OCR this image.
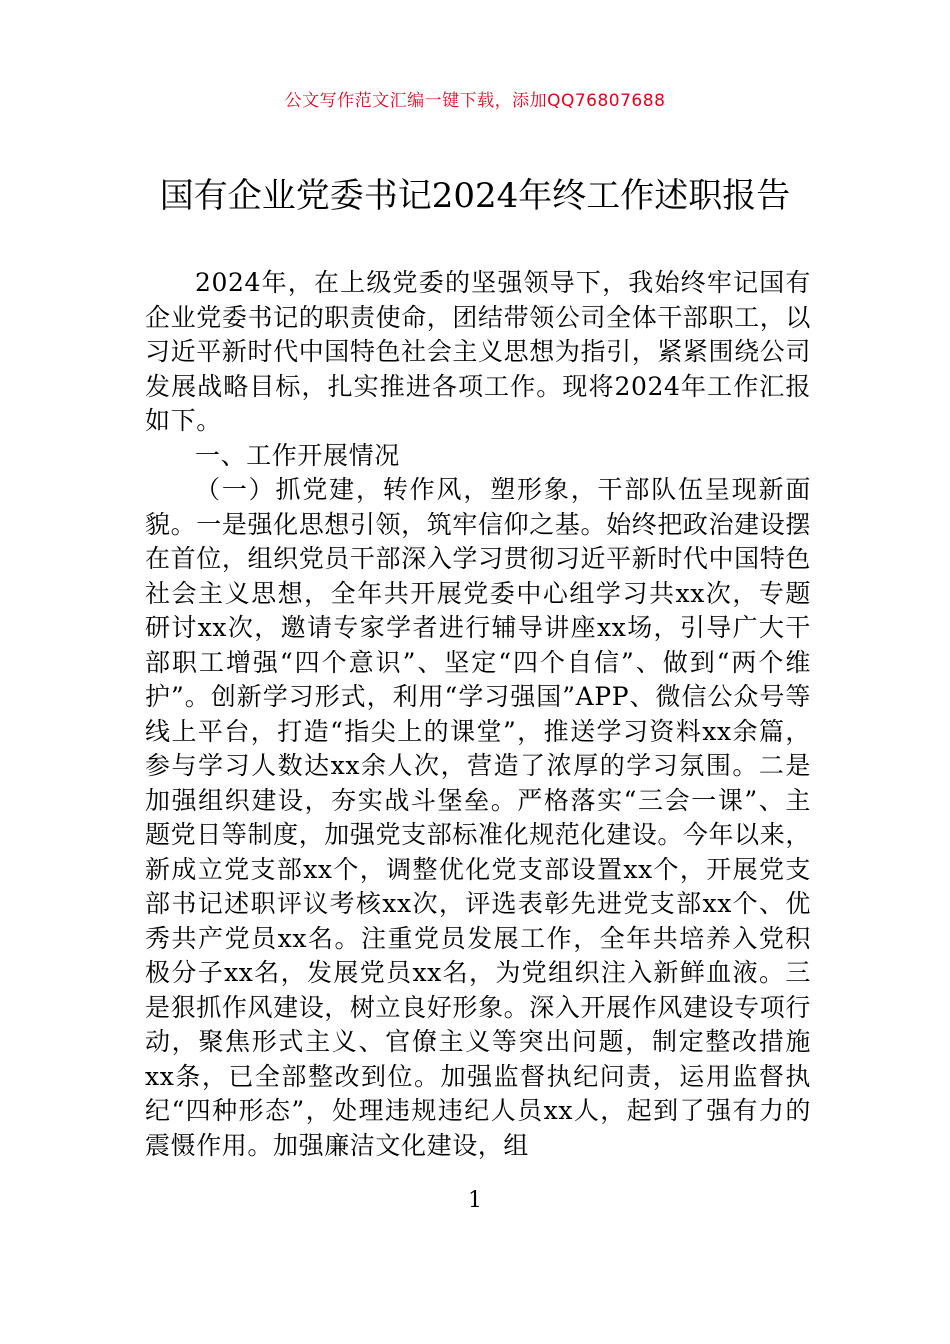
公文写作范文汇编一键下载，添加QQ76807688
国有企业党委书记2024年终工作述职报告

2024年，在上级党委的坚强领导下，我始终牢记国有企业党委书记的职责使命，团结带领公司全体干部职工，以习近平新时代中国特色社会主义思想为指引，紧紧围绕公司发展战略目标，扎实推进各项工作。现将2024年工作汇报如下。

一、工作开展情况

（一）抓党建，转作风，塑形象，干部队伍呈现新面貌。一是强化思想引领，筑牢信仰之基。始终把政治建设摆在首位，组织党员干部深入学习贯彻习近平新时代中国特色社会主义思想，全年共开展党委中心组学习共xx次，专题研讨xx次，邀请专家学者进行辅导讲座xx场，引导广大干部职工增强“四个意识”、坚定“四个自信”、做到“两个维护”。创新学习形式，利用“学习强国”APP、微信公众号等线上平台，打造“指尖上的课堂”，推送学习资料xx余篇，参与学习人数达xx余人次，营造了浓厚的学习氛围。二是加强组织建设，夯实战斗堡垒。严格落实“三会一课”、主题党日等制度，加强党支部标准化规范化建设。今年以来，新成立党支部xx个，调整优化党支部设置xx个，开展党支部书记述职评议考核xx次，评选表彰先进党支部xx个、优秀共产党员xx名。注重党员发展工作，全年共培养入党积极分子xx名，发展党员xx名，为党组织注入新鲜血液。三是狠抓作风建设，树立良好形象。深入开展作风建设专项行动，聚焦形式主义、官僚主义等突出问题，制定整改措施xx条，已全部整改到位。加强监督执纪问责，运用监督执纪“四种形态”，处理违规违纪人员xx人，起到了强有力的震慑作用。加强廉洁文化建设，组

1
